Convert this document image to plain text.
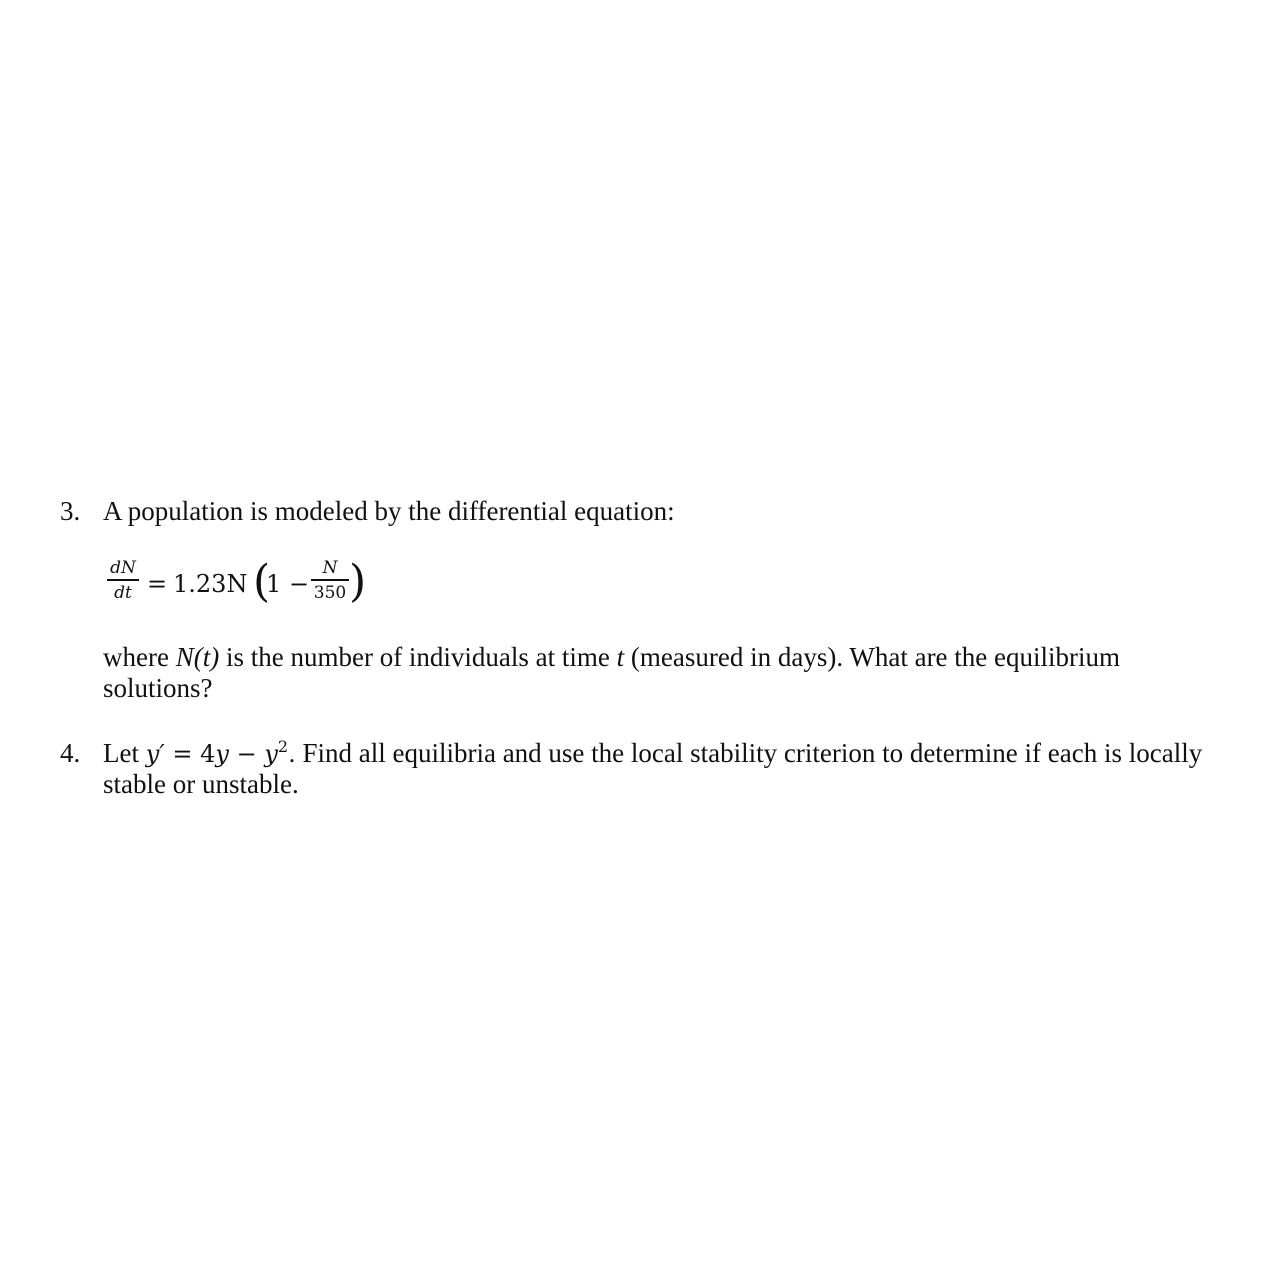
3. A population is modeled by the differential equation:
dN
dt = 1.23N (
1 −
N
350 )
where N(t) is the number of individuals at time t (measured in days). What are the equilibrium
solutions?
4. Let $y' = 4y - y^2$. Find all equilibria and use the local stability criterion to determine if each is locally
stable or unstable.
